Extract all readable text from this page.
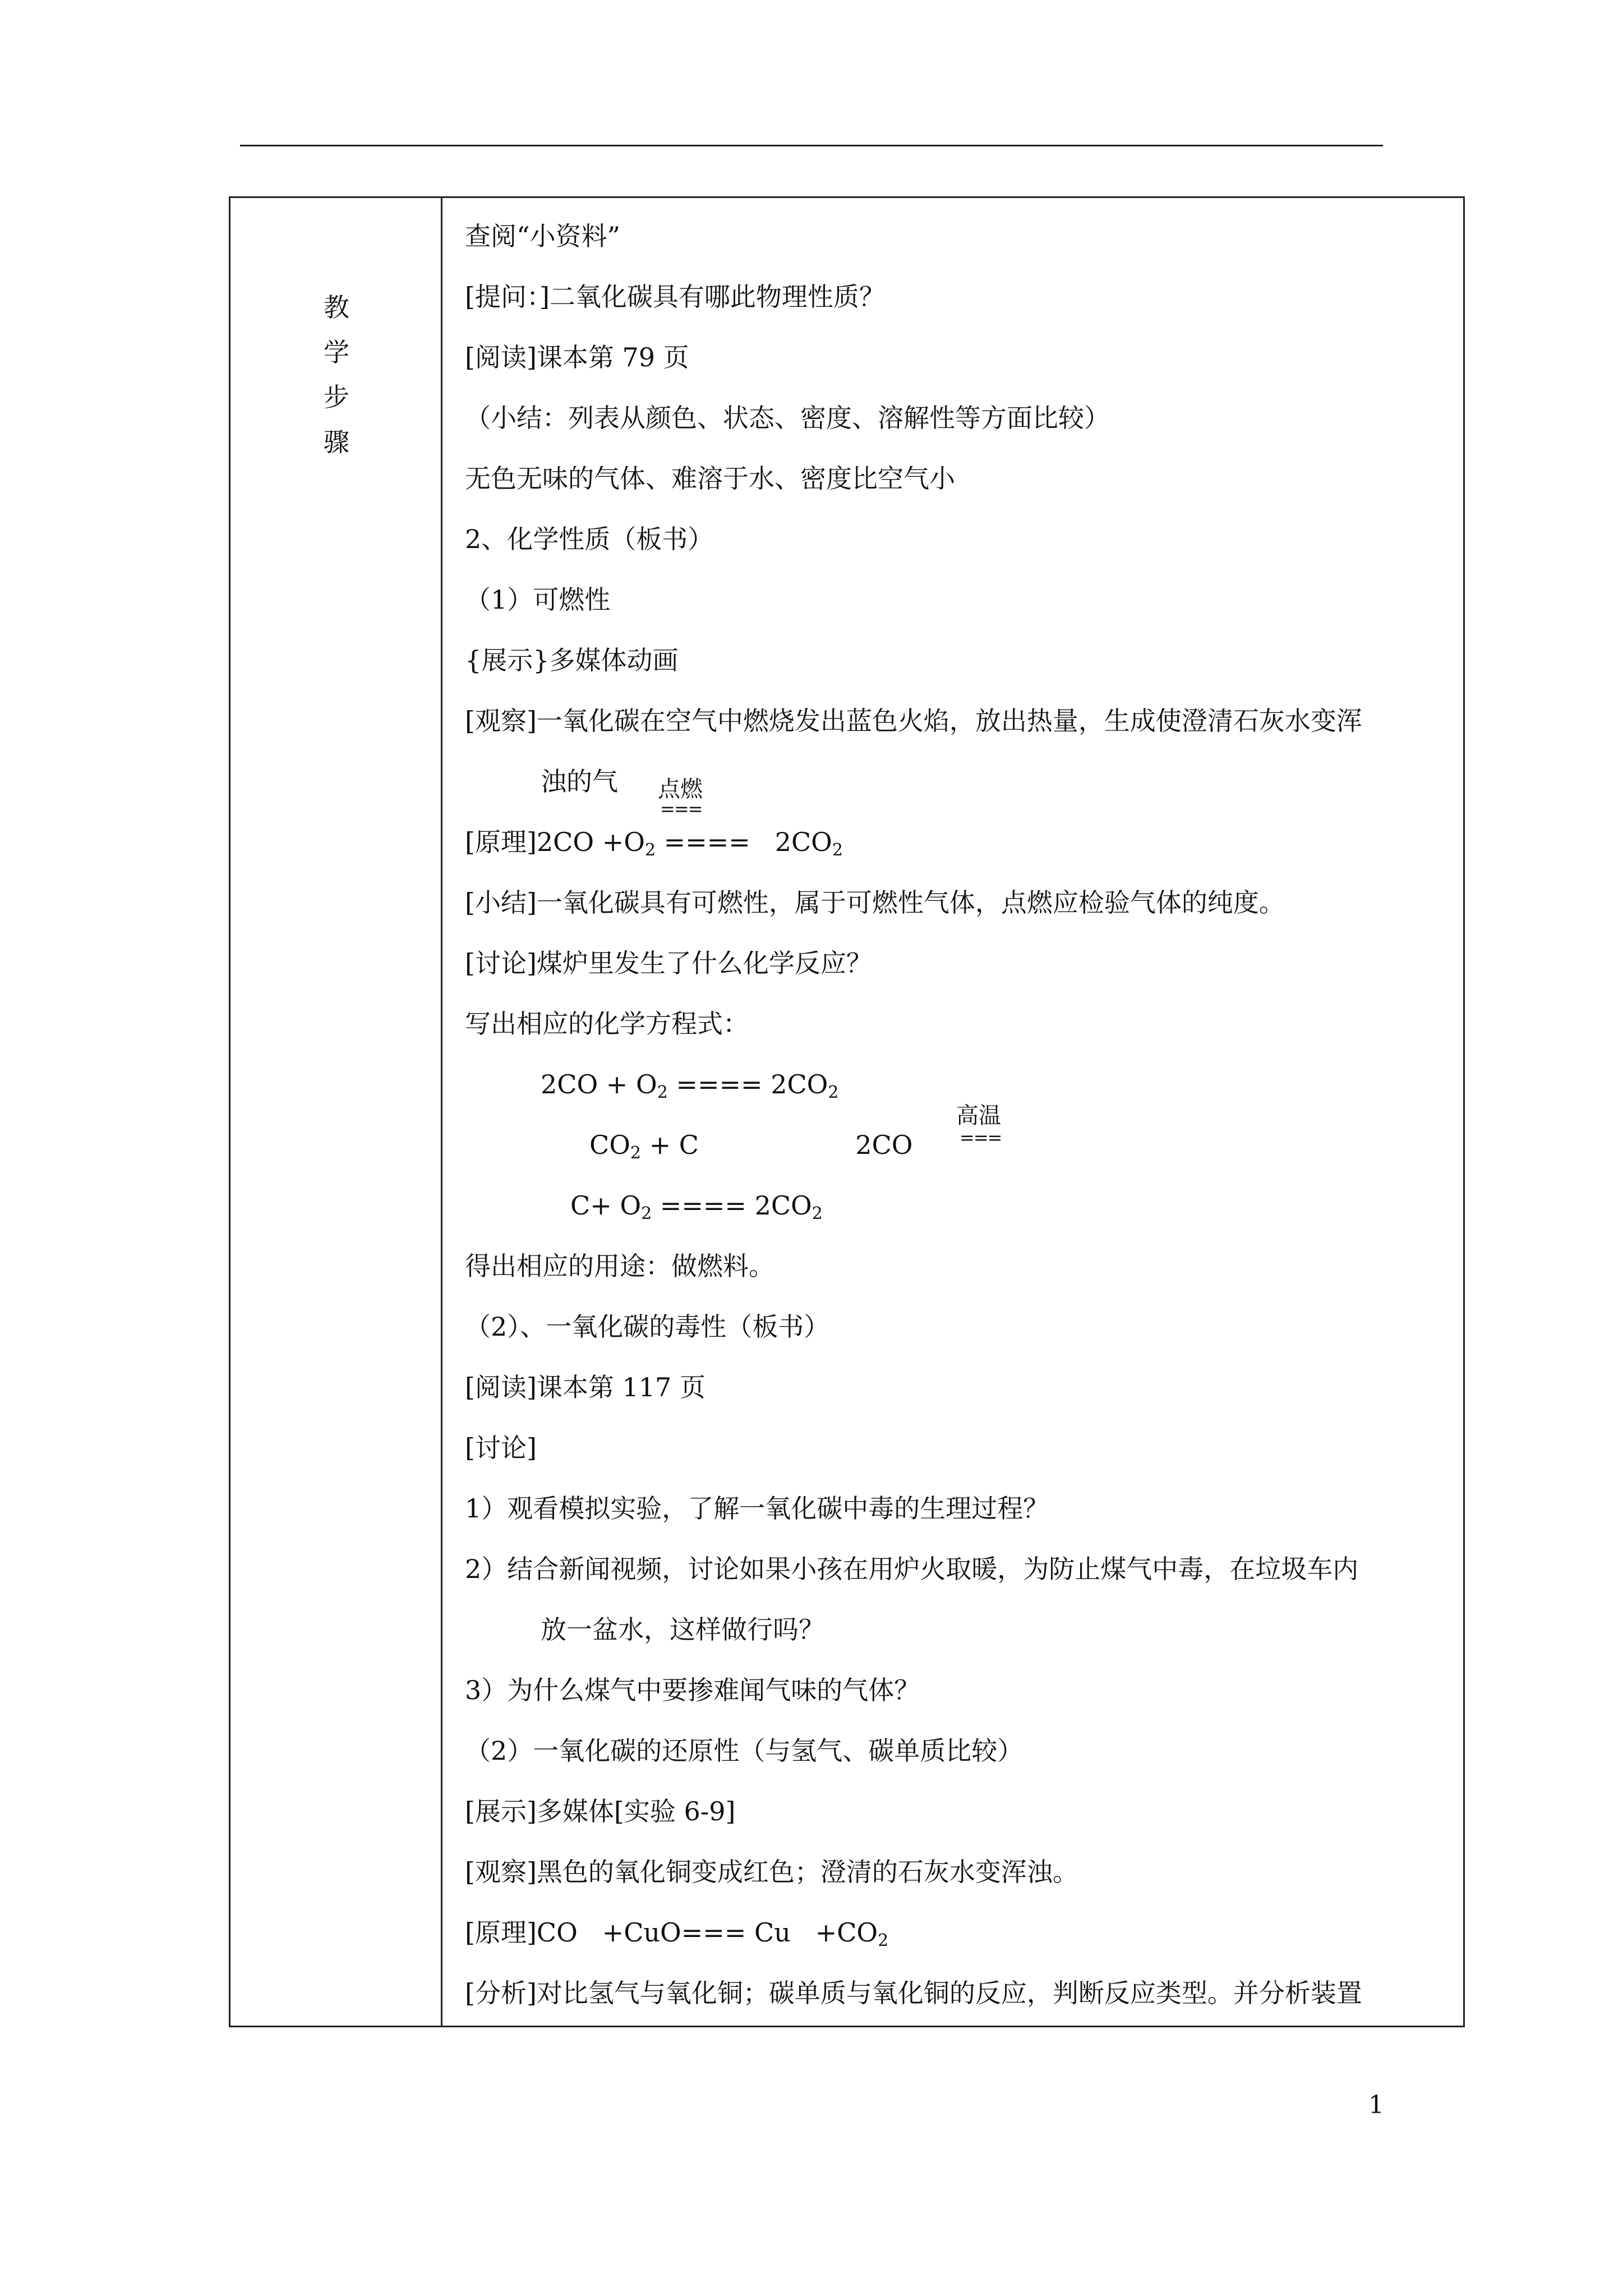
教
学
步
骤
查阅“小资料”
[提问：]二氧化碳具有哪此物理性质？
[阅读]课本第 79 页
（小结：列表从颜色、状态、密度、溶解性等方面比较）
无色无味的气体、难溶于水、密度比空气小
2、化学性质（板书）
（1）可燃性
{展示}多媒体动画
[观察]一氧化碳在空气中燃烧发出蓝色火焰，放出热量，生成使澄清石灰水变浑
浊的气	点燃
===
[原理]$2CO +O_2$ ==== $2CO_2$
[小结]一氧化碳具有可燃性，属于可燃性气体，点燃应检验气体的纯度。
[讨论]煤炉里发生了什么化学反应？
写出相应的化学方程式：
$2CO + O_2$ ==== $2CO_2$
高温
===
$CO_2 + C$	2CO
$C+ O_2$ ==== $2CO_2$
得出相应的用途：做燃料。
（2）、一氧化碳的毒性（板书）
[阅读]课本第 117 页
[讨论]
1）观看模拟实验，了解一氧化碳中毒的生理过程？
2）结合新闻视频，讨论如果小孩在用炉火取暖，为防止煤气中毒，在垃圾车内
放一盆水，这样做行吗？
3）为什么煤气中要掺难闻气味的气体？
（2）一氧化碳的还原性（与氢气、碳单质比较）
[展示]多媒体[实验 6-9]
[观察]黑色的氧化铜变成红色；澄清的石灰水变浑浊。
[原理]$CO +CuO=== Cu +CO_2$
[分析]对比氢气与氧化铜；碳单质与氧化铜的反应，判断反应类型。并分析装置
1
